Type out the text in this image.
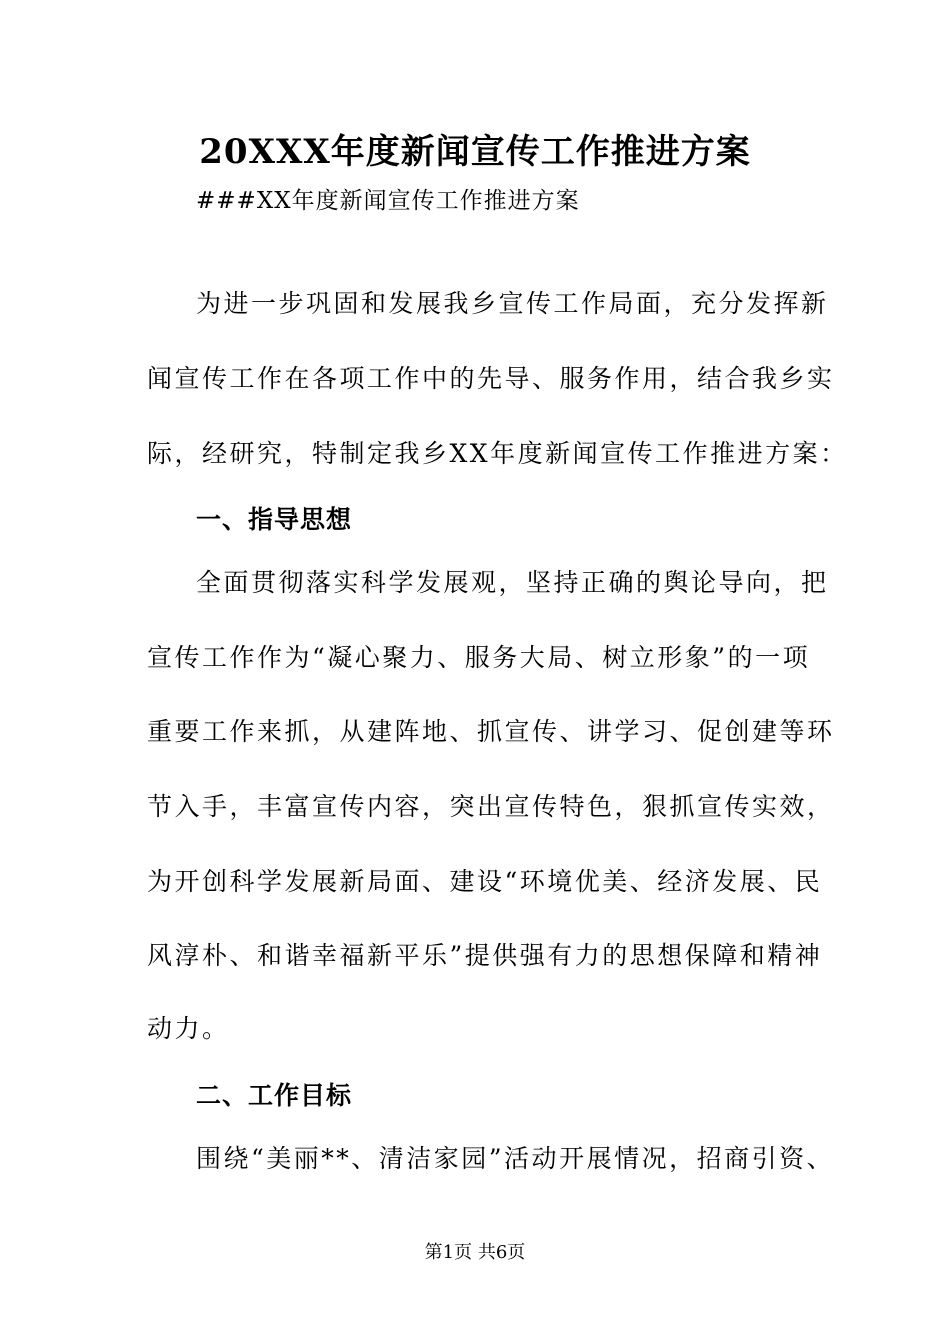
20XXX年度新闻宣传工作推进方案
###XX年度新闻宣传工作推进方案
为进一步巩固和发展我乡宣传工作局面，充分发挥新
闻宣传工作在各项工作中的先导、服务作用，结合我乡实
际，经研究，特制定我乡XX年度新闻宣传工作推进方案：
一、指导思想
全面贯彻落实科学发展观，坚持正确的舆论导向，把
宣传工作作为“凝心聚力、服务大局、树立形象”的一项
重要工作来抓，从建阵地、抓宣传、讲学习、促创建等环
节入手，丰富宣传内容，突出宣传特色，狠抓宣传实效，
为开创科学发展新局面、建设“环境优美、经济发展、民
风淳朴、和谐幸福新平乐”提供强有力的思想保障和精神
动力。
二、工作目标
围绕“美丽**、清洁家园”活动开展情况，招商引资、
第1页 共6页
